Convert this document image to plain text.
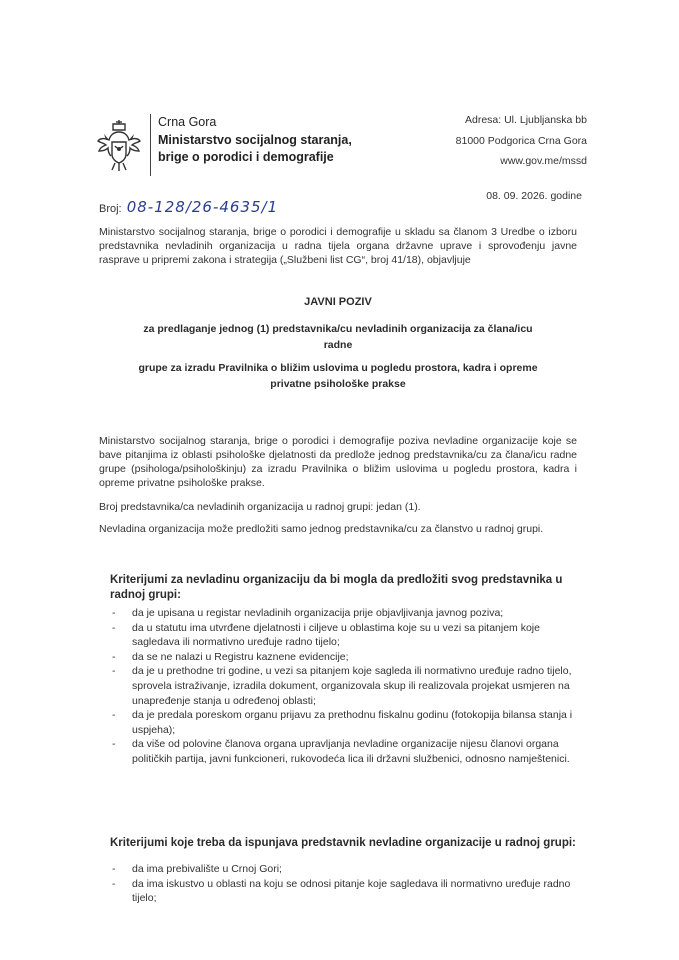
Crna Gora
Ministarstvo socijalnog staranja,
brige o porodici i demografije
Adresa: Ul. Ljubljanska bb
81000 Podgorica Crna Gora
www.gov.me/mssd
Broj: 08-128/26-4635/1
08. 09. 2026. godine
Ministarstvo socijalnog staranja, brige o porodici i demografije u skladu sa članom 3 Uredbe o izboru predstavnika nevladinih organizacija u radna tijela organa državne uprave i sprovođenju javne rasprave u pripremi zakona i strategija („Službeni list CG“, broj 41/18), objavljuje
JAVNI POZIV
za predlaganje jednog (1) predstavnika/cu nevladinih organizacija za člana/icu radne
grupe za izradu Pravilnika o bližim uslovima u pogledu prostora, kadra i opreme privatne psihološke prakse
Ministarstvo socijalnog staranja, brige o porodici i demografije poziva nevladine organizacije koje se bave pitanjima iz oblasti psihološke djelatnosti da predlože jednog predstavnika/cu za člana/icu radne grupe (psihologa/psihološkinju) za izradu Pravilnika o bližim uslovima u pogledu prostora, kadra i opreme privatne psihološke prakse.
Broj predstavnika/ca nevladinih organizacija u radnoj grupi: jedan (1).
Nevladina organizacija može predložiti samo jednog predstavnika/cu za članstvo u radnoj grupi.
Kriterijumi za nevladinu organizaciju da bi mogla da predložiti svog predstavnika u radnoj grupi:
- da je upisana u registar nevladinih organizacija prije objavljivanja javnog poziva;
- da u statutu ima utvrđene djelatnosti i ciljeve u oblastima koje su u vezi sa pitanjem koje sagledava ili normativno uređuje radno tijelo;
- da se ne nalazi u Registru kaznene evidencije;
- da je u prethodne tri godine, u vezi sa pitanjem koje sagleda ili normativno uređuje radno tijelo, sprovela istraživanje, izradila dokument, organizovala skup ili realizovala projekat usmjeren na unapređenje stanja u određenoj oblasti;
- da je predala poreskom organu prijavu za prethodnu fiskalnu godinu (fotokopija bilansa stanja i uspjeha);
- da više od polovine članova organa upravljanja nevladine organizacije nijesu članovi organa političkih partija, javni funkcioneri, rukovodeća lica ili državni službenici, odnosno namještenici.
Kriterijumi koje treba da ispunjava predstavnik nevladine organizacije u radnoj grupi:
- da ima prebivalište u Crnoj Gori;
- da ima iskustvo u oblasti na koju se odnosi pitanje koje sagledava ili normativno uređuje radno tijelo;
